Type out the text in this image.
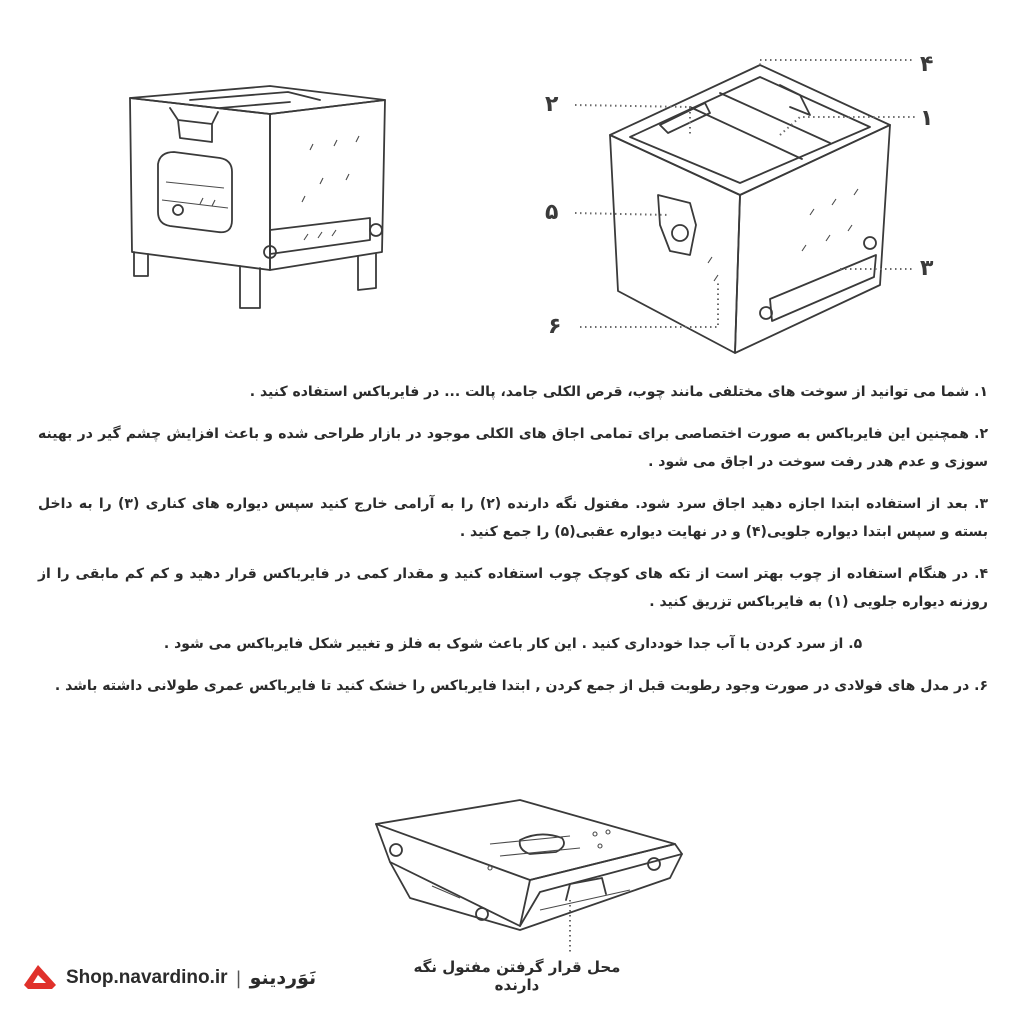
۴
۲
۱
۵
۳
۶

۱. شما می توانید از سوخت های مختلفی مانند چوب، قرص الکلی جامد، پالت ... در فایرباکس استفاده کنید .

۲. همچنین این فایرباکس به صورت اختصاصی برای تمامی اجاق های الکلی موجود در بازار طراحی شده و باعث افزایش چشم گیر در بهینه سوزی و عدم هدر رفت سوخت در اجاق می شود .

۳. بعد از استفاده ابتدا اجازه دهید اجاق سرد شود. مفتول نگه دارنده (۲) را به آرامی خارج کنید سپس دیواره های کناری (۳) را به داخل بسته و سپس ابتدا دیواره جلویی(۴) و در نهایت دیواره عقبی(۵) را جمع کنید .

۴. در هنگام استفاده از چوب بهتر است از تکه های کوچک چوب استفاده کنید و مقدار کمی در فایرباکس قرار دهید و کم کم مابقی را از روزنه دیواره جلویی (۱) به فایرباکس تزریق کنید .

۵. از سرد کردن با آب جدا خودداری کنید . این کار باعث شوک به فلز و تغییر شکل فایرباکس می شود .

۶. در مدل های فولادی در صورت وجود رطوبت قبل از جمع کردن , ابتدا فایرباکس را خشک کنید تا فایرباکس عمری طولانی داشته باشد .

محل قرار گرفتن مفتول نگه دارنده
Shop.navardino.ir | نَوَردینو
